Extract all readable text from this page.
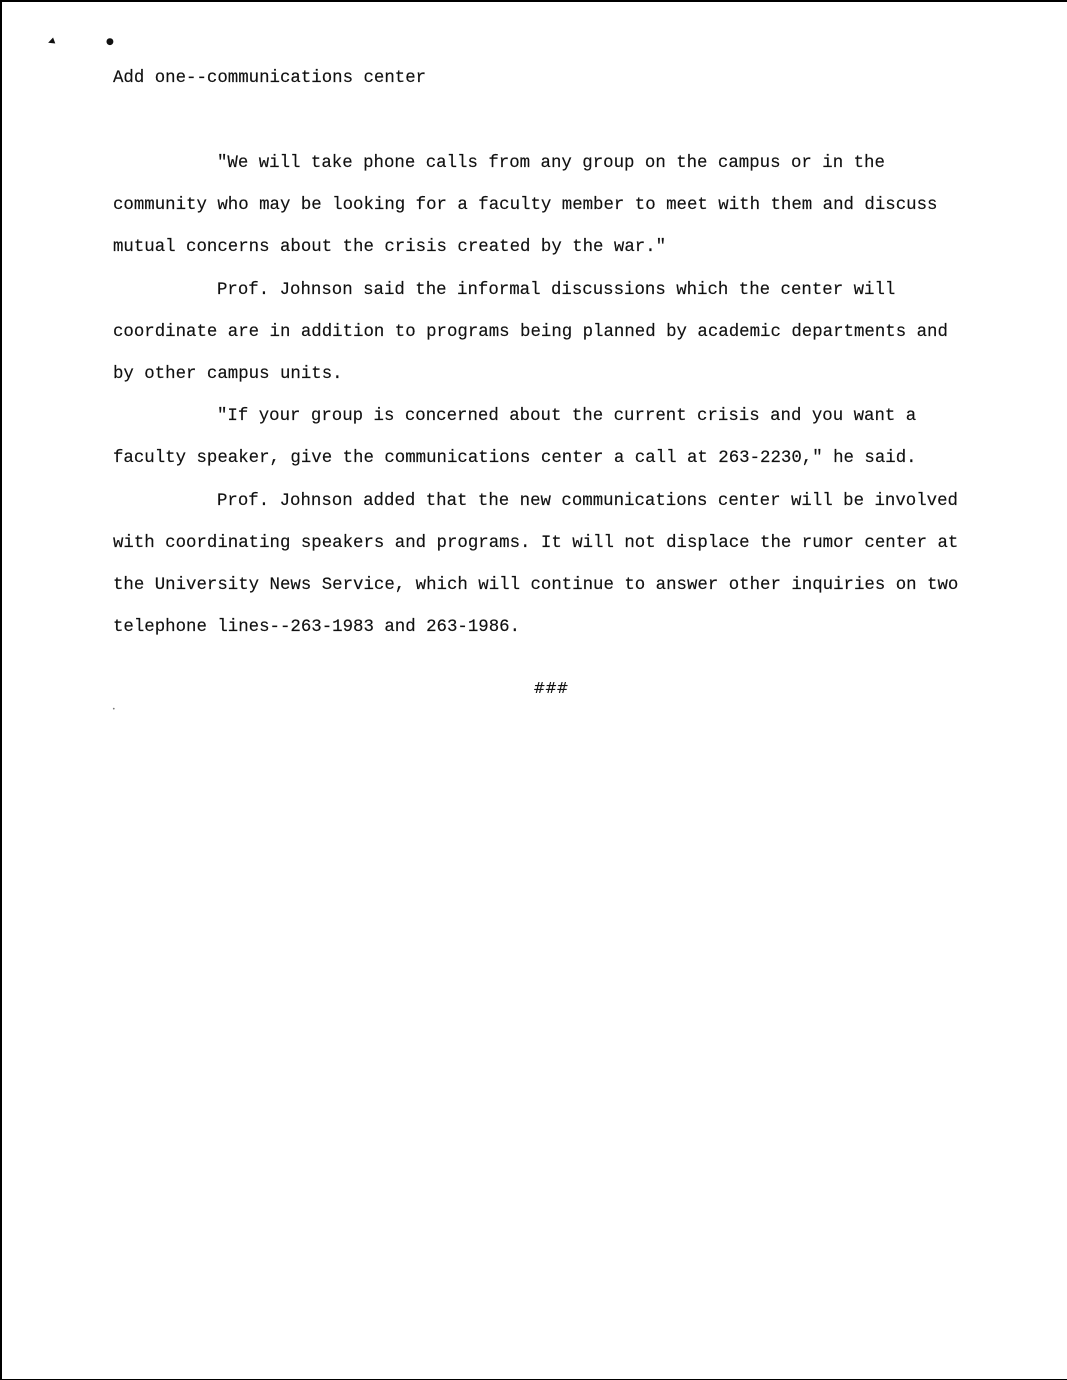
◂	●
•
Add one--communications center
"We will take phone calls from any group on the campus or in the
community who may be looking for a faculty member to meet with them and discuss
mutual concerns about the crisis created by the war."
Prof. Johnson said the informal discussions which the center will
coordinate are in addition to programs being planned by academic departments and
by other campus units.
"If your group is concerned about the current crisis and you want a
faculty speaker, give the communications center a call at 263-2230," he said.
Prof. Johnson added that the new communications center will be involved
with coordinating speakers and programs. It will not displace the rumor center at
the University News Service, which will continue to answer other inquiries on two
telephone lines--263-1983 and 263-1986.
###
